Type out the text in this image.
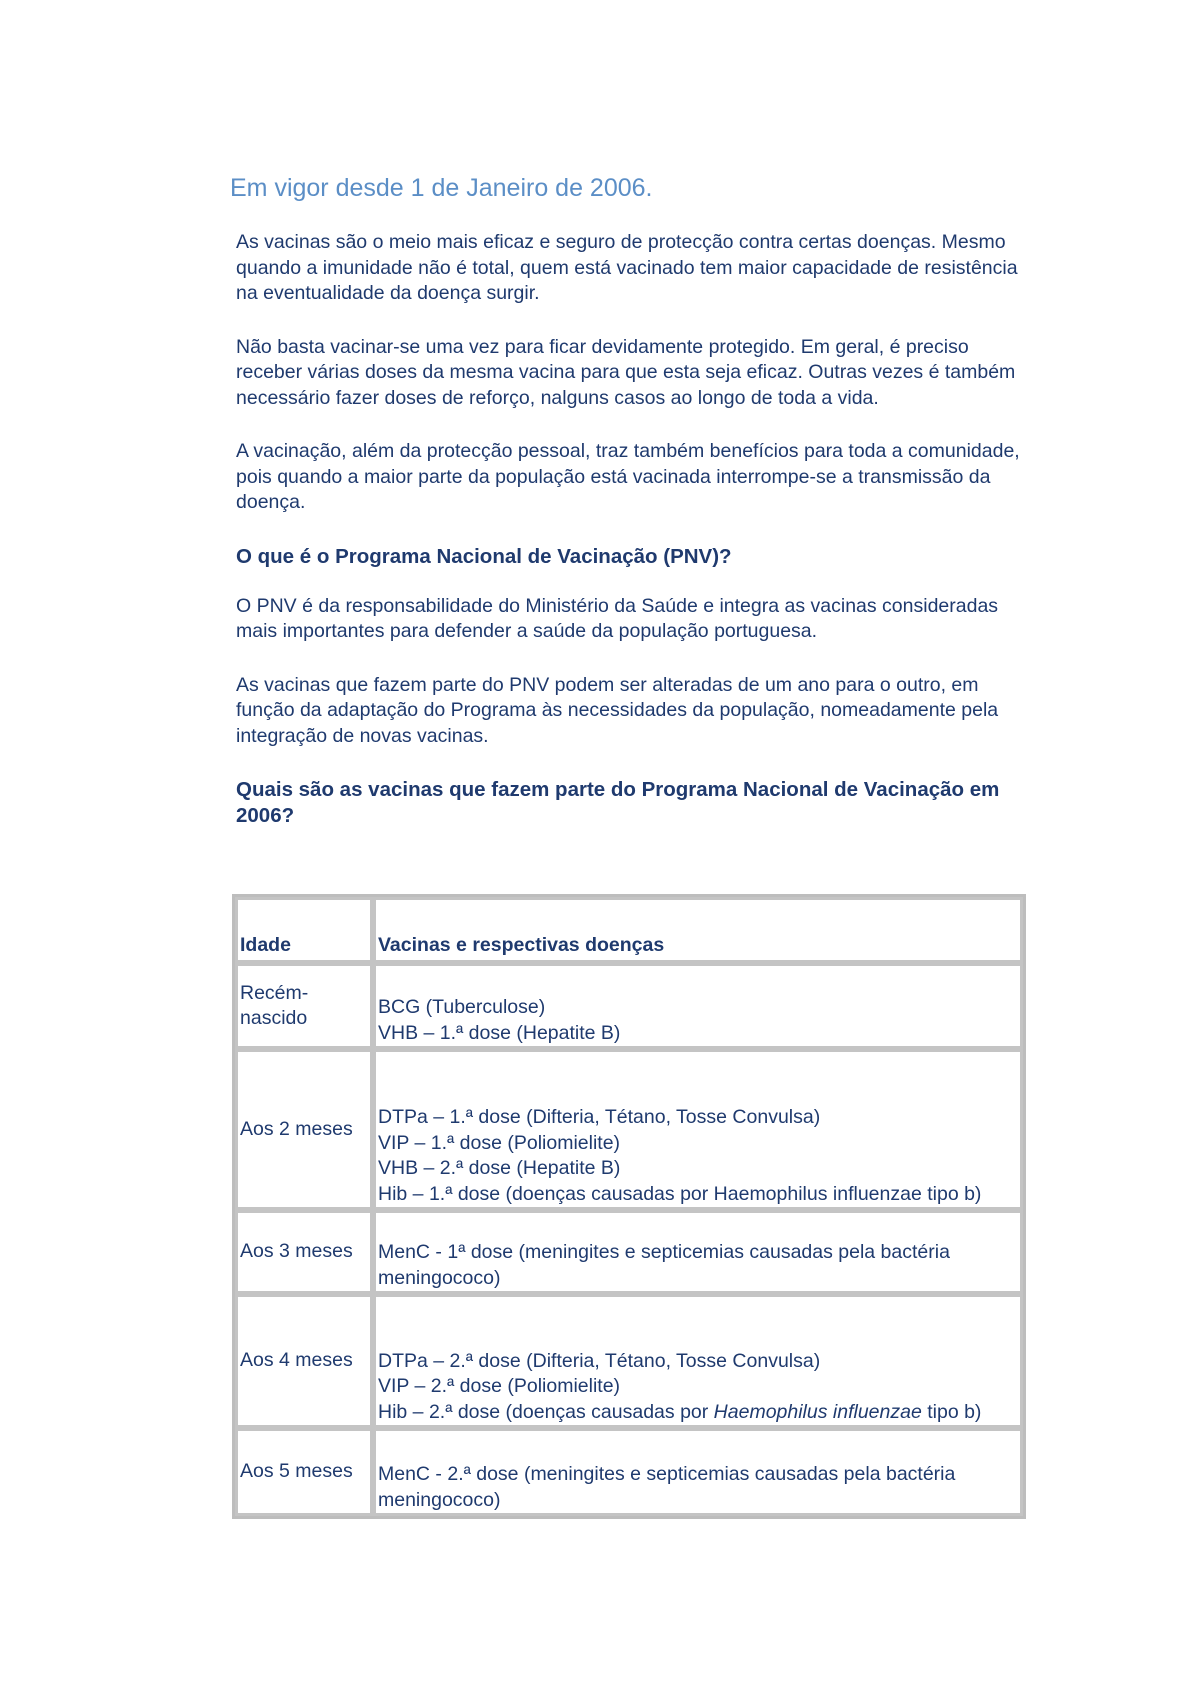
Em vigor desde 1 de Janeiro de 2006.

As vacinas são o meio mais eficaz e seguro de protecção contra certas doenças. Mesmo quando a imunidade não é total, quem está vacinado tem maior capacidade de resistência na eventualidade da doença surgir.

Não basta vacinar-se uma vez para ficar devidamente protegido. Em geral, é preciso receber várias doses da mesma vacina para que esta seja eficaz. Outras vezes é também necessário fazer doses de reforço, nalguns casos ao longo de toda a vida.

A vacinação, além da protecção pessoal, traz também benefícios para toda a comunidade, pois quando a maior parte da população está vacinada interrompe-se a transmissão da doença.

O que é o Programa Nacional de Vacinação (PNV)?

O PNV é da responsabilidade do Ministério da Saúde e integra as vacinas consideradas mais importantes para defender a saúde da população portuguesa.

As vacinas que fazem parte do PNV podem ser alteradas de um ano para o outro, em função da adaptação do Programa às necessidades da população, nomeadamente pela integração de novas vacinas.

Quais são as vacinas que fazem parte do Programa Nacional de Vacinação em 2006?
Idade	Vacinas e respectivas doenças
Recém-nascido	BCG (Tuberculose)
VHB – 1.ª dose (Hepatite B)

Aos 2 meses	DTPa – 1.ª dose (Difteria, Tétano, Tosse Convulsa)
VIP – 1.ª dose (Poliomielite)
VHB – 2.ª dose (Hepatite B)
Hib – 1.ª dose (doenças causadas por Haemophilus influenzae tipo b)

Aos 3 meses	MenC - 1ª dose (meningites e septicemias causadas pela bactéria meningococo)

Aos 4 meses	DTPa – 2.ª dose (Difteria, Tétano, Tosse Convulsa)
VIP – 2.ª dose (Poliomielite)
Hib – 2.ª dose (doenças causadas por Haemophilus influenzae tipo b)

Aos 5 meses	MenC - 2.ª dose (meningites e septicemias causadas pela bactéria meningococo)
